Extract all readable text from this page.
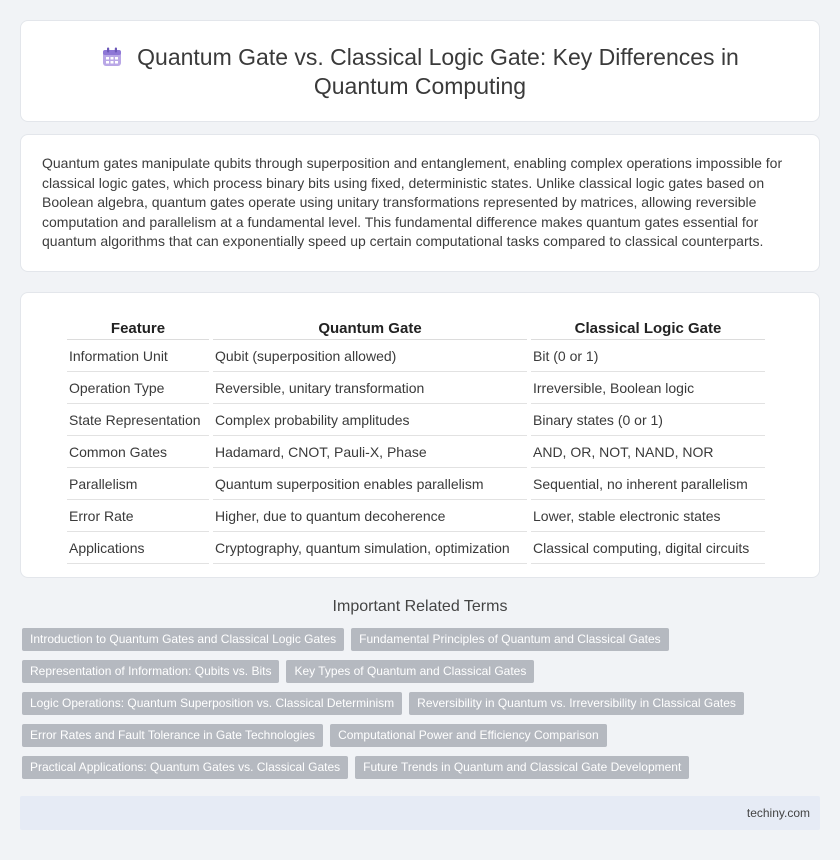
Quantum Gate vs. Classical Logic Gate: Key Differences in
Quantum Computing

Quantum gates manipulate qubits through superposition and entanglement, enabling complex operations impossible for classical logic gates, which process binary bits using fixed, deterministic states. Unlike classical logic gates based on Boolean algebra, quantum gates operate using unitary transformations represented by matrices, allowing reversible computation and parallelism at a fundamental level. This fundamental difference makes quantum gates essential for quantum algorithms that can exponentially speed up certain computational tasks compared to classical counterparts.

Feature	Quantum Gate	Classical Logic Gate
Information Unit	Qubit (superposition allowed)	Bit (0 or 1)
Operation Type	Reversible, unitary transformation	Irreversible, Boolean logic
State Representation	Complex probability amplitudes	Binary states (0 or 1)
Common Gates	Hadamard, CNOT, Pauli-X, Phase	AND, OR, NOT, NAND, NOR
Parallelism	Quantum superposition enables parallelism	Sequential, no inherent parallelism
Error Rate	Higher, due to quantum decoherence	Lower, stable electronic states
Applications	Cryptography, quantum simulation, optimization	Classical computing, digital circuits
Important Related Terms
Introduction to Quantum Gates and Classical Logic Gates	Fundamental Principles of Quantum and Classical Gates
Representation of Information: Qubits vs. Bits	Key Types of Quantum and Classical Gates
Logic Operations: Quantum Superposition vs. Classical Determinism	Reversibility in Quantum vs. Irreversibility in Classical Gates
Error Rates and Fault Tolerance in Gate Technologies	Computational Power and Efficiency Comparison
Practical Applications: Quantum Gates vs. Classical Gates	Future Trends in Quantum and Classical Gate Development
techiny.com
